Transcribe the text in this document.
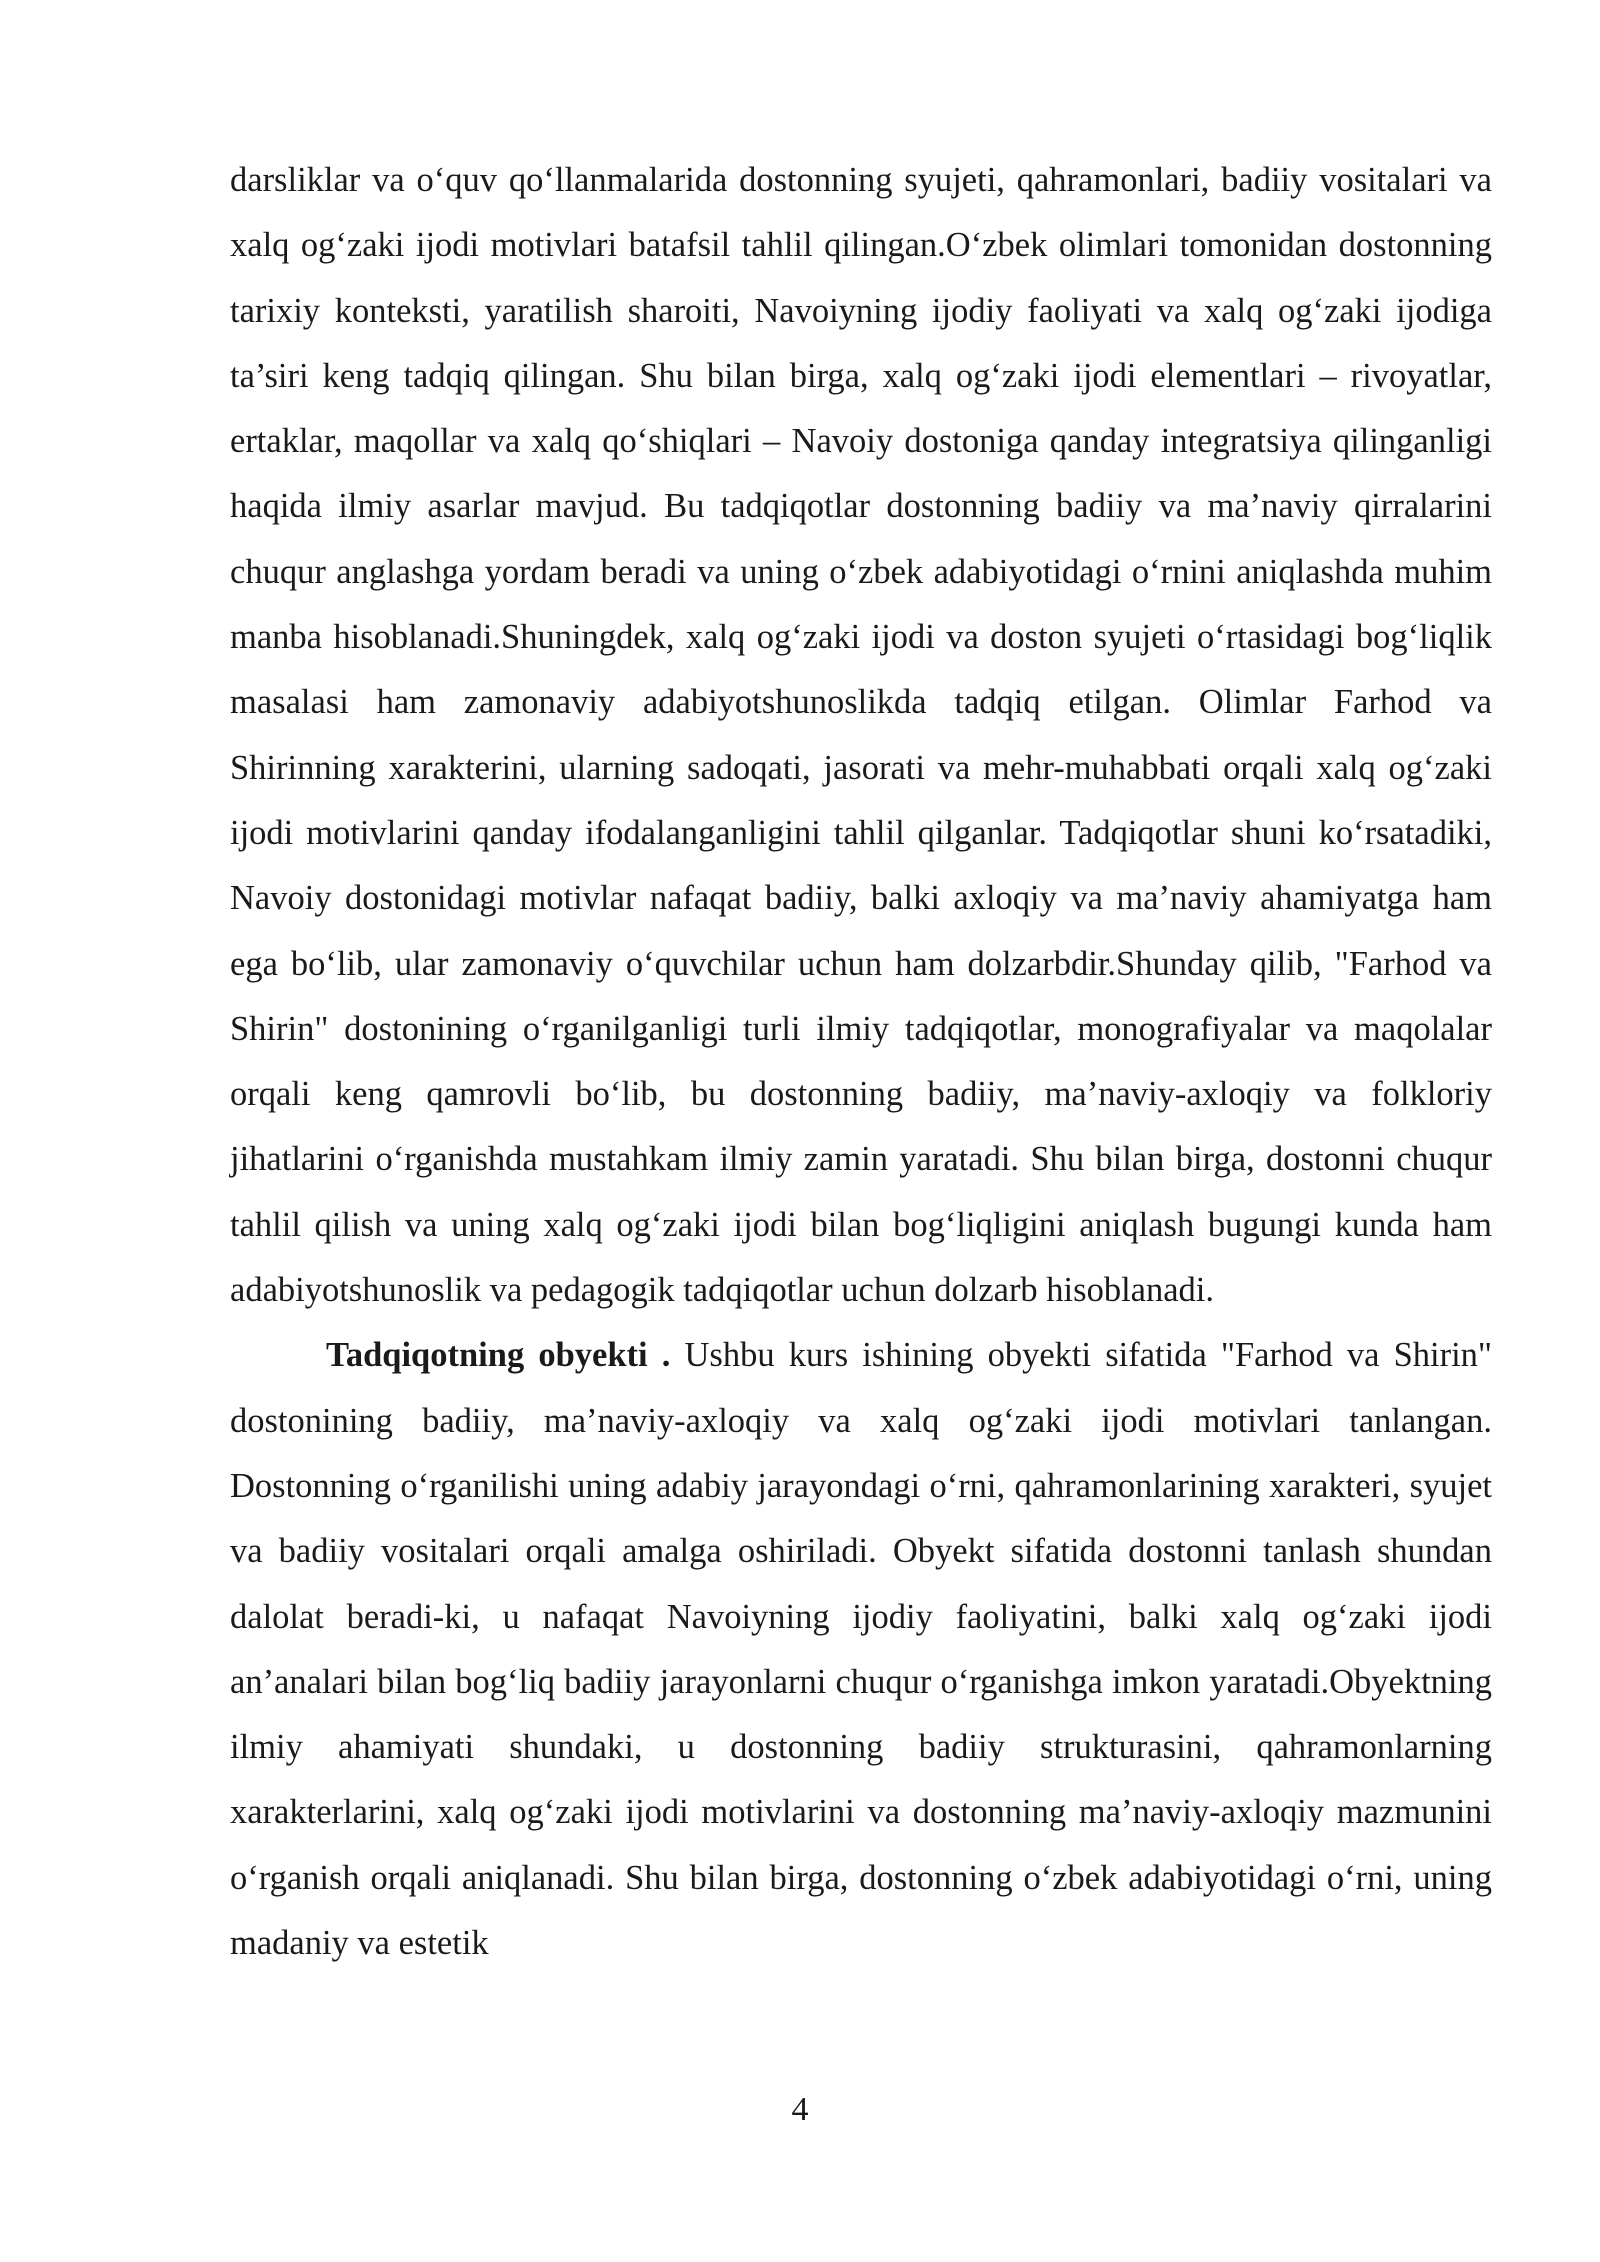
darsliklar va o‘quv qo‘llanmalarida dostonning syujeti, qahramonlari, badiiy vositalari va xalq og‘zaki ijodi motivlari batafsil tahlil qilingan.O‘zbek olimlari tomonidan dostonning tarixiy konteksti, yaratilish sharoiti, Navoiyning ijodiy faoliyati va xalq og‘zaki ijodiga ta’siri keng tadqiq qilingan. Shu bilan birga, xalq og‘zaki ijodi elementlari – rivoyatlar, ertaklar, maqollar va xalq qo‘shiqlari – Navoiy dostoniga qanday integratsiya qilinganligi haqida ilmiy asarlar mavjud. Bu tadqiqotlar dostonning badiiy va ma’naviy qirralarini chuqur anglashga yordam beradi va uning o‘zbek adabiyotidagi o‘rnini aniqlashda muhim manba hisoblanadi.Shuningdek, xalq og‘zaki ijodi va doston syujeti o‘rtasidagi bog‘liqlik masalasi ham zamonaviy adabiyotshunoslikda tadqiq etilgan. Olimlar Farhod va Shirinning xarakterini, ularning sadoqati, jasorati va mehr-muhabbati orqali xalq og‘zaki ijodi motivlarini qanday ifodalanganligini tahlil qilganlar. Tadqiqotlar shuni ko‘rsatadiki, Navoiy dostonidagi motivlar nafaqat badiiy, balki axloqiy va ma’naviy ahamiyatga ham ega bo‘lib, ular zamonaviy o‘quvchilar uchun ham dolzarbdir.Shunday qilib, "Farhod va Shirin" dostonining o‘rganilganligi turli ilmiy tadqiqotlar, monografiyalar va maqolalar orqali keng qamrovli bo‘lib, bu dostonning badiiy, ma’naviy-axloqiy va folkloriy jihatlarini o‘rganishda mustahkam ilmiy zamin yaratadi. Shu bilan birga, dostonni chuqur tahlil qilish va uning xalq og‘zaki ijodi bilan bog‘liqligini aniqlash bugungi kunda ham adabiyotshunoslik va pedagogik tadqiqotlar uchun dolzarb hisoblanadi.

Tadqiqotning obyekti . Ushbu kurs ishining obyekti sifatida "Farhod va Shirin" dostonining badiiy, ma’naviy-axloqiy va xalq og‘zaki ijodi motivlari tanlangan. Dostonning o‘rganilishi uning adabiy jarayondagi o‘rni, qahramonlarining xarakteri, syujet va badiiy vositalari orqali amalga oshiriladi. Obyekt sifatida dostonni tanlash shundan dalolat beradi-ki, u nafaqat Navoiyning ijodiy faoliyatini, balki xalq og‘zaki ijodi an’analari bilan bog‘liq badiiy jarayonlarni chuqur o‘rganishga imkon yaratadi.Obyektning ilmiy ahamiyati shundaki, u dostonning badiiy strukturasini, qahramonlarning xarakterlarini, xalq og‘zaki ijodi motivlarini va dostonning ma’naviy-axloqiy mazmunini o‘rganish orqali aniqlanadi. Shu bilan birga, dostonning o‘zbek adabiyotidagi o‘rni, uning madaniy va estetik

4
